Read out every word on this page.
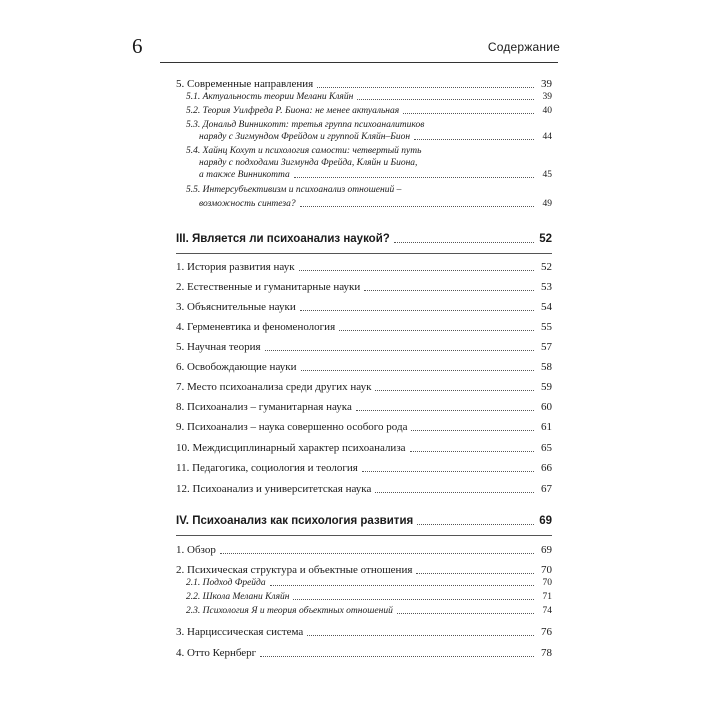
6	Содержание
5. Современные направления	39
5.1. Актуальность теории Мелани Кляйн	39
5.2. Теория Уилфреда Р. Биона: не менее актуальная	40
5.3. Дональд Винникотт: третья группа психоаналитиков
наряду с Зигмундом Фрейдом и группой Кляйн–Бион	44
5.4. Хайнц Кохут и психология самости: четвертый путь
наряду с подходами Зигмунда Фрейда, Кляйн и Биона,
а также Винникотта	45
5.5. Интерсубъективизм и психоанализ отношений –
возможность синтеза?	49
III. Является ли психоанализ наукой?	52
1. История развития наук	52
2. Естественные и гуманитарные науки	53
3. Объяснительные науки	54
4. Герменевтика и феноменология	55
5. Научная теория	57
6. Освобождающие науки	58
7. Место психоанализа среди других наук	59
8. Психоанализ – гуманитарная наука	60
9. Психоанализ – наука совершенно особого рода	61
10. Междисциплинарный характер психоанализа	65
11. Педагогика, социология и теология	66
12. Психоанализ и университетская наука	67
IV. Психоанализ как психология развития	69
1. Обзор	69
2. Психическая структура и объектные отношения	70
2.1. Подход Фрейда	70
2.2. Школа Мелани Кляйн	71
2.3. Психология Я и теория объектных отношений	74
3. Нарциссическая система	76
4. Отто Кернберг	78
